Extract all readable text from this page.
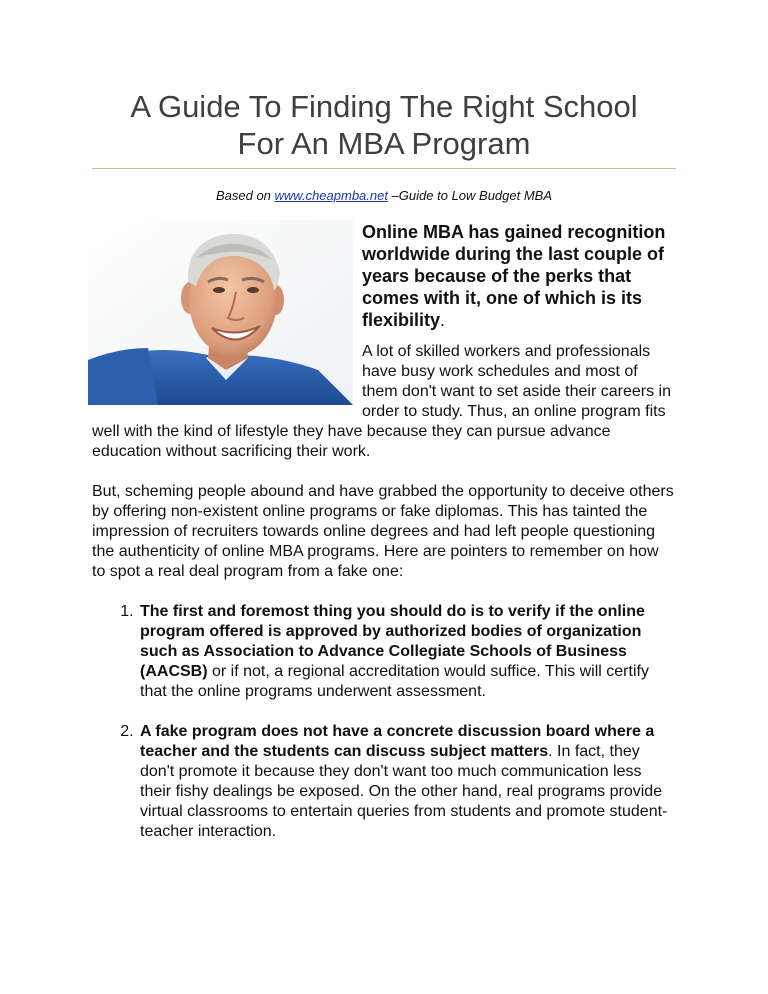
A Guide To Finding The Right School
For An MBA Program
Based on www.cheapmba.net –Guide to Low Budget MBA

Online MBA has gained recognition worldwide during the last couple of years because of the perks that comes with it, one of which is its flexibility.

A lot of skilled workers and professionals have busy work schedules and most of them don't want to set aside their careers in order to study. Thus, an online program fits well with the kind of lifestyle they have because they can pursue advance education without sacrificing their work.

But, scheming people abound and have grabbed the opportunity to deceive others by offering non-existent online programs or fake diplomas. This has tainted the impression of recruiters towards online degrees and had left people questioning the authenticity of online MBA programs. Here are pointers to remember on how to spot a real deal program from a fake one:

1. The first and foremost thing you should do is to verify if the online program offered is approved by authorized bodies of organization such as Association to Advance Collegiate Schools of Business (AACSB) or if not, a regional accreditation would suffice. This will certify that the online programs underwent assessment.
2. A fake program does not have a concrete discussion board where a teacher and the students can discuss subject matters. In fact, they don't promote it because they don't want too much communication less their fishy dealings be exposed. On the other hand, real programs provide virtual classrooms to entertain queries from students and promote student-teacher interaction.
